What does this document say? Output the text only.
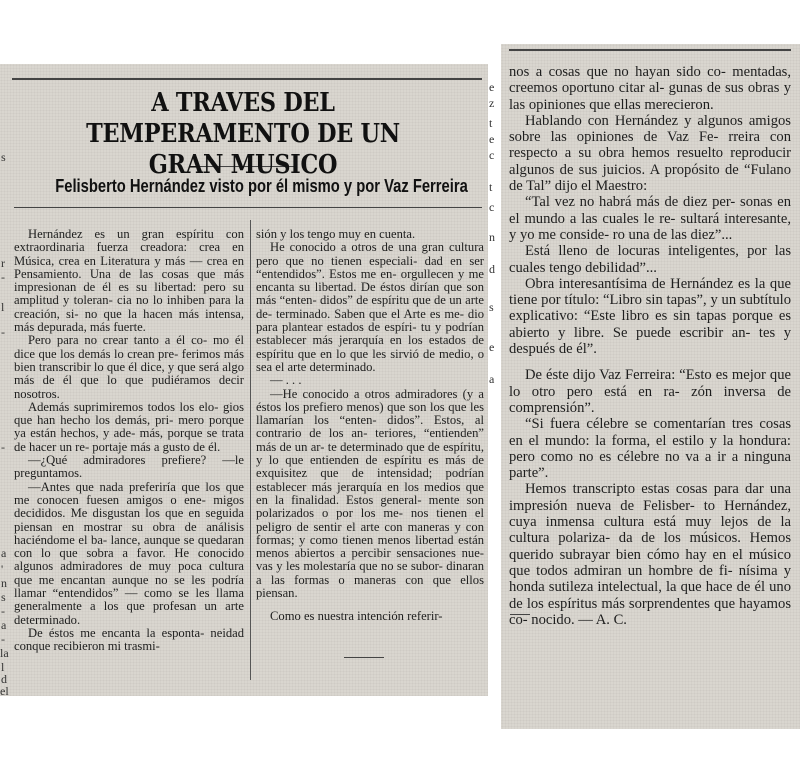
A TRAVES DEL TEMPERAMENTO DE UN GRAN MUSICO
Felisberto Hernández visto por él mismo y por Vaz Ferreira

Hernández es un gran espíritu con extraordinaria fuerza creadora: crea en Música, crea en Literatura y más — crea en Pensamiento. Una de las cosas que más impresionan de él es su libertad: pero su amplitud y toleran- cia no lo inhiben para la creación, si- no que la hacen más intensa, más depurada, más fuerte.

Pero para no crear tanto a él co- mo él dice que los demás lo crean pre- ferimos más bien transcribir lo que él dice, y que será algo más de él que lo que pudiéramos decir nosotros.

Además suprimiremos todos los elo- gios que han hecho los demás, pri- mero porque ya están hechos, y ade- más, porque se trata de hacer un re- portaje más a gusto de él.

—¿Qué admiradores prefiere? —le preguntamos.

—Antes que nada preferiría que los que me conocen fuesen amigos o ene- migos decididos. Me disgustan los que en seguida piensan en mostrar su obra de análisis haciéndome el ba- lance, aunque se quedaran con lo que sobra a favor. He conocido algunos admiradores de muy poca cultura que me encantan aunque no se les podría llamar “entendidos” — como se les llama generalmente a los que profesan un arte determinado.

De éstos me encanta la esponta- neidad conque recibieron mi trasmi-

sión y los tengo muy en cuenta.

He conocido a otros de una gran cultura pero que no tienen especiali- dad en ser “entendidos”. Estos me en- orgullecen y me encanta su libertad. De éstos dirían que son más “enten- didos” de espíritu que de un arte de- terminado. Saben que el Arte es me- dio para plantear estados de espíri- tu y podrían establecer más jerarquía en los estados de espíritu que en lo que les sirvió de medio, o sea el arte determinado.

— . . .

—He conocido a otros admiradores (y a éstos los prefiero menos) que son los que les llamarían los “enten- didos”. Estos, al contrario de los an- teriores, “entienden” más de un ar- te determinado que de espíritu, y lo que entienden de espíritu es más de exquisitez que de intensidad; podrían establecer más jerarquía en los medios que en la finalidad. Estos general- mente son polarizados o por los me- nos tienen el peligro de sentir el arte con maneras y con formas; y como tienen menos libertad están menos abiertos a percibir sensaciones nue- vas y les molestaría que no se subor- dinaran a las formas o maneras con que ellos piensan.

Como es nuestra intención referir-

nos a cosas que no hayan sido co- mentadas, creemos oportuno citar al- gunas de sus obras y las opiniones que ellas merecieron.

Hablando con Hernández y algunos amigos sobre las opiniones de Vaz Fe- rreira con respecto a su obra hemos resuelto reproducir algunos de sus juicios. A propósito de “Fulano de Tal” dijo el Maestro:

“Tal vez no habrá más de diez per- sonas en el mundo a las cuales le re- sultará interesante, y yo me conside- ro una de las diez”...

Está lleno de locuras inteligentes, por las cuales tengo debilidad”...

Obra interesantísima de Hernández es la que tiene por título: “Libro sin tapas”, y un subtítulo explicativo: “Este libro es sin tapas porque es abierto y libre. Se puede escribir an- tes y después de él”.

De éste dijo Vaz Ferreira: “Esto es mejor que lo otro pero está en ra- zón inversa de comprensión”.

“Si fuera célebre se comentarían tres cosas en el mundo: la forma, el estilo y la hondura: pero como no es célebre no va a ir a ninguna parte”.

Hemos transcripto estas cosas para dar una impresión nueva de Felisber- to Hernández, cuya inmensa cultura está muy lejos de la cultura polariza- da de los músicos. Hemos querido subrayar bien cómo hay en el músico que todos admiran un hombre de fi- nísima y honda sutileza intelectual, la que hace de él uno de los espíritus más sorprendentes que hayamos co- nocido. — A. C.

s
r
-
l
-
-
a
'
n
s
-
a
-
la
l
d
el
e
z
t
e
c
t
c
n
d
s
e
a
